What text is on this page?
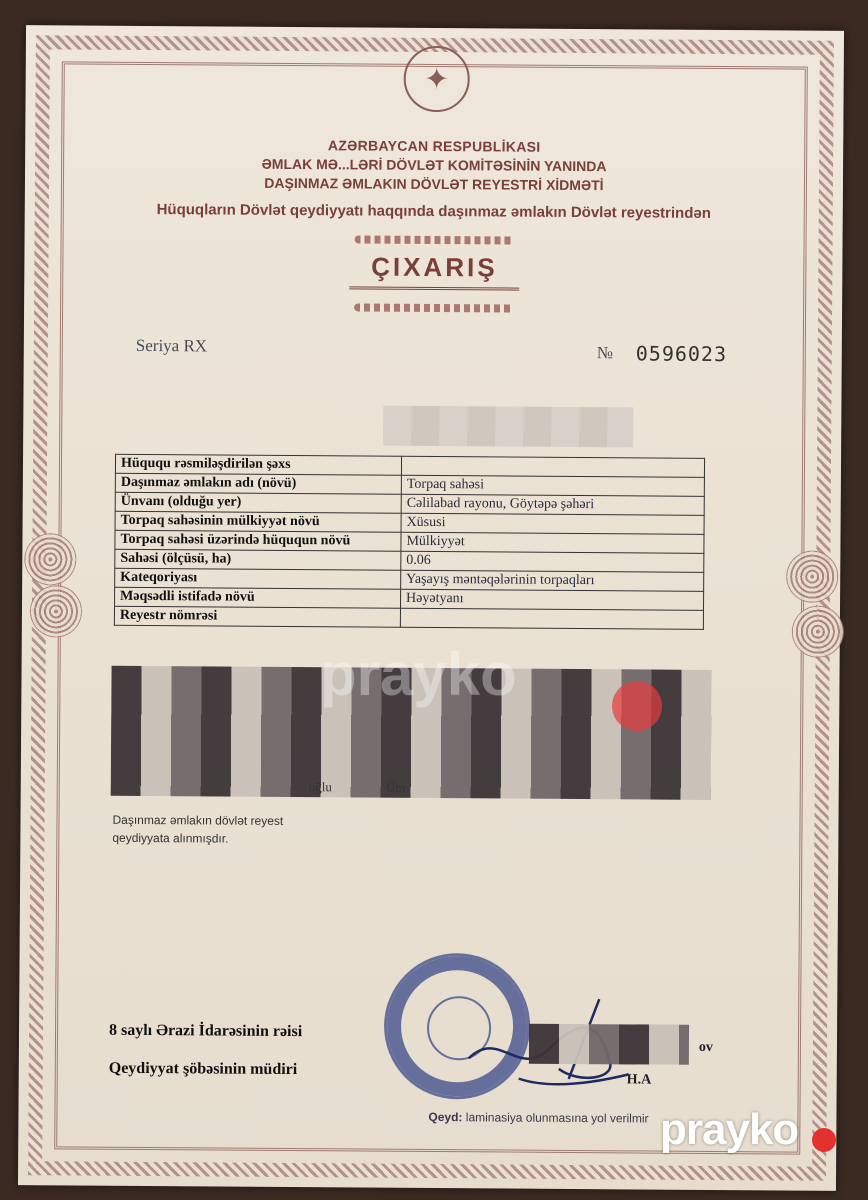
✦
AZƏRBAYCAN RESPUBLİKASI
ƏMLAK MƏ...LƏRİ DÖVLƏT KOMİTƏSİNİN YANINDA
DAŞINMAZ ƏMLAKIN DÖVLƏT REYESTRİ XİDMƏTİ
Hüquqların Dövlət qeydiyyatı haqqında daşınmaz əmlakın Dövlət reyestrindən
ÇIXARIŞ
Seriya RX	№ 0596023
Hüququ rəsmiləşdirilən şəxs	
Daşınmaz əmlakın adı (növü)	Torpaq sahəsi
Ünvanı (olduğu yer)	Cəlilabad rayonu, Göytəpə şəhəri
Torpaq sahəsinin mülkiyyət növü	Xüsusi
Torpaq sahəsi üzərində hüququn növü	Mülkiyyət
Sahəsi (ölçüsü, ha)	0.06
Kateqoriyası	Yaşayış məntəqələrinin torpaqları
Məqsədli istifadə növü	Həyətyanı
Reyestr nömrəsi	
oğlu	Üm
Daşınmaz əmlakın dövlət reyest
qeydiyyata alınmışdır.
8 saylı Ərazi İdarəsinin rəisi
Qeydiyyat şöbəsinin müdiri
ov
H.A
Qeyd: laminasiya olunmasına yol verilmir
prayko
prayko
